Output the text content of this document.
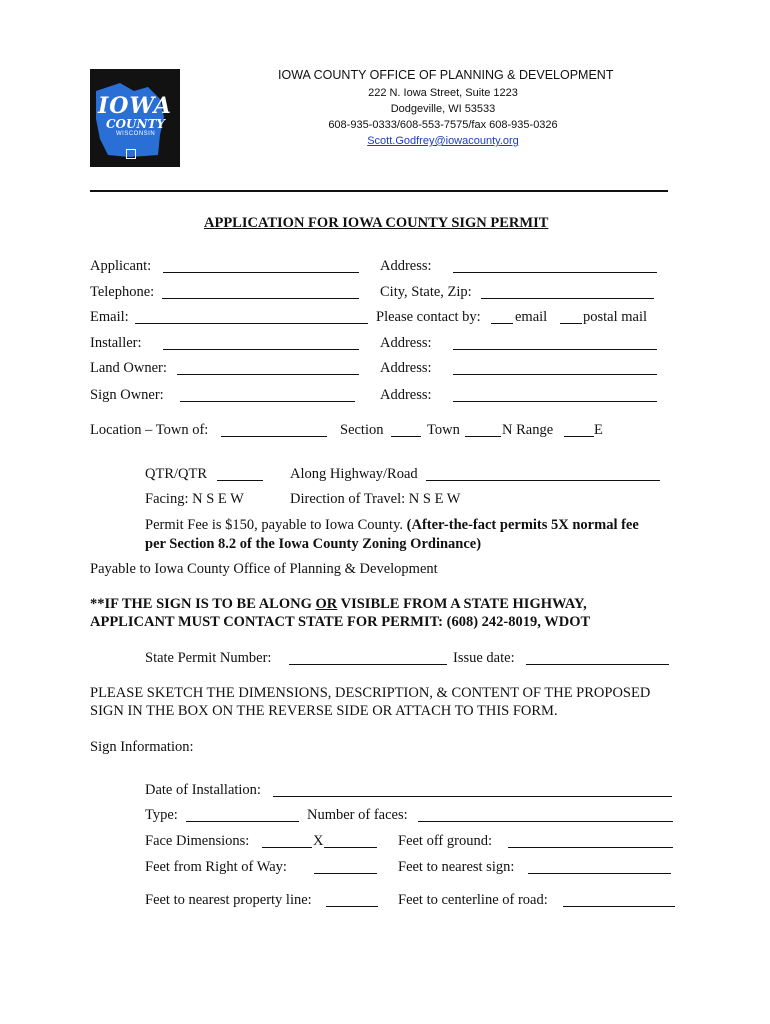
IOWA
COUNTY
WISCONSIN
IOWA COUNTY OFFICE OF PLANNING & DEVELOPMENT
222 N. Iowa Street, Suite 1223
Dodgeville, WI 53533
608-935-0333/608-553-7575/fax 608-935-0326
Scott.Godfrey@iowacounty.org
APPLICATION FOR IOWA COUNTY SIGN PERMIT
Applicant:	Address:
Telephone:	City, State, Zip:
Email:	Please contact by: email postal mail
Installer:	Address:
Land Owner:	Address:
Sign Owner:	Address:
Location – Town of:	Section	Town	N Range	E
QTR/QTR	Along Highway/Road
Facing: N S E W	Direction of Travel: N S E W
Permit Fee is $150, payable to Iowa County. (After-the-fact permits 5X normal fee
per Section 8.2 of the Iowa County Zoning Ordinance)
Payable to Iowa County Office of Planning & Development
**IF THE SIGN IS TO BE ALONG OR VISIBLE FROM A STATE HIGHWAY,
APPLICANT MUST CONTACT STATE FOR PERMIT: (608) 242-8019, WDOT
State Permit Number:	Issue date:
PLEASE SKETCH THE DIMENSIONS, DESCRIPTION, & CONTENT OF THE PROPOSED
SIGN IN THE BOX ON THE REVERSE SIDE OR ATTACH TO THIS FORM.
Sign Information:
Date of Installation:
Type:	Number of faces:
Face Dimensions:	X	Feet off ground:
Feet from Right of Way:	Feet to nearest sign:
Feet to nearest property line:	Feet to centerline of road:
